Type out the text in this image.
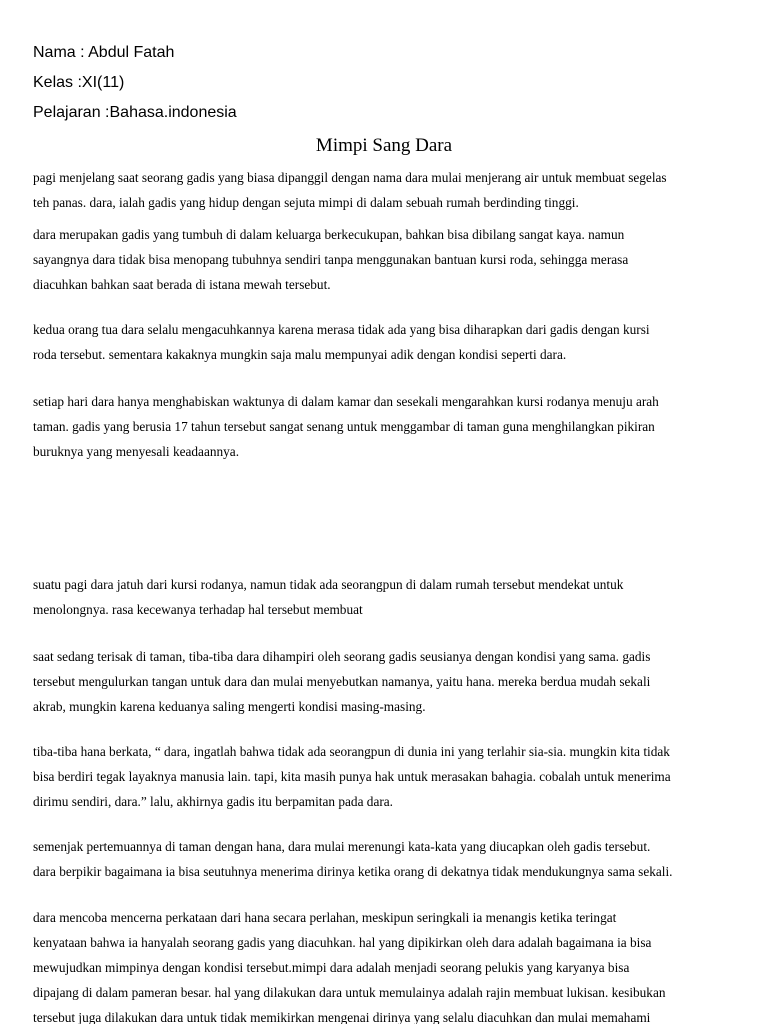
Nama : Abdul Fatah
Kelas :XI(11)
Pelajaran :Bahasa.indonesia
Mimpi Sang Dara
pagi menjelang saat seorang gadis yang biasa dipanggil dengan nama dara mulai menjerang air untuk membuat segelas
teh panas. dara, ialah gadis yang hidup dengan sejuta mimpi di dalam sebuah rumah berdinding tinggi.
dara merupakan gadis yang tumbuh di dalam keluarga berkecukupan, bahkan bisa dibilang sangat kaya. namun
sayangnya dara tidak bisa menopang tubuhnya sendiri tanpa menggunakan bantuan kursi roda, sehingga merasa
diacuhkan bahkan saat berada di istana mewah tersebut.
kedua orang tua dara selalu mengacuhkannya karena merasa tidak ada yang bisa diharapkan dari gadis dengan kursi
roda tersebut. sementara kakaknya mungkin saja malu mempunyai adik dengan kondisi seperti dara.
setiap hari dara hanya menghabiskan waktunya di dalam kamar dan sesekali mengarahkan kursi rodanya menuju arah
taman. gadis yang berusia 17 tahun tersebut sangat senang untuk menggambar di taman guna menghilangkan pikiran
buruknya yang menyesali keadaannya.
suatu pagi dara jatuh dari kursi rodanya, namun tidak ada seorangpun di dalam rumah tersebut mendekat untuk
menolongnya. rasa kecewanya terhadap hal tersebut membuat
saat sedang terisak di taman, tiba-tiba dara dihampiri oleh seorang gadis seusianya dengan kondisi yang sama. gadis
tersebut mengulurkan tangan untuk dara dan mulai menyebutkan namanya, yaitu hana. mereka berdua mudah sekali
akrab, mungkin karena keduanya saling mengerti kondisi masing-masing.
tiba-tiba hana berkata, “ dara, ingatlah bahwa tidak ada seorangpun di dunia ini yang terlahir sia-sia. mungkin kita tidak
bisa berdiri tegak layaknya manusia lain. tapi, kita masih punya hak untuk merasakan bahagia. cobalah untuk menerima
dirimu sendiri, dara.” lalu, akhirnya gadis itu berpamitan pada dara.
semenjak pertemuannya di taman dengan hana, dara mulai merenungi kata-kata yang diucapkan oleh gadis tersebut.
dara berpikir bagaimana ia bisa seutuhnya menerima dirinya ketika orang di dekatnya tidak mendukungnya sama sekali.
dara mencoba mencerna perkataan dari hana secara perlahan, meskipun seringkali ia menangis ketika teringat
kenyataan bahwa ia hanyalah seorang gadis yang diacuhkan. hal yang dipikirkan oleh dara adalah bagaimana ia bisa
mewujudkan mimpinya dengan kondisi tersebut.mimpi dara adalah menjadi seorang pelukis yang karyanya bisa
dipajang di dalam pameran besar. hal yang dilakukan dara untuk memulainya adalah rajin membuat lukisan. kesibukan
tersebut juga dilakukan dara untuk tidak memikirkan mengenai dirinya yang selalu diacuhkan dan mulai memahami
